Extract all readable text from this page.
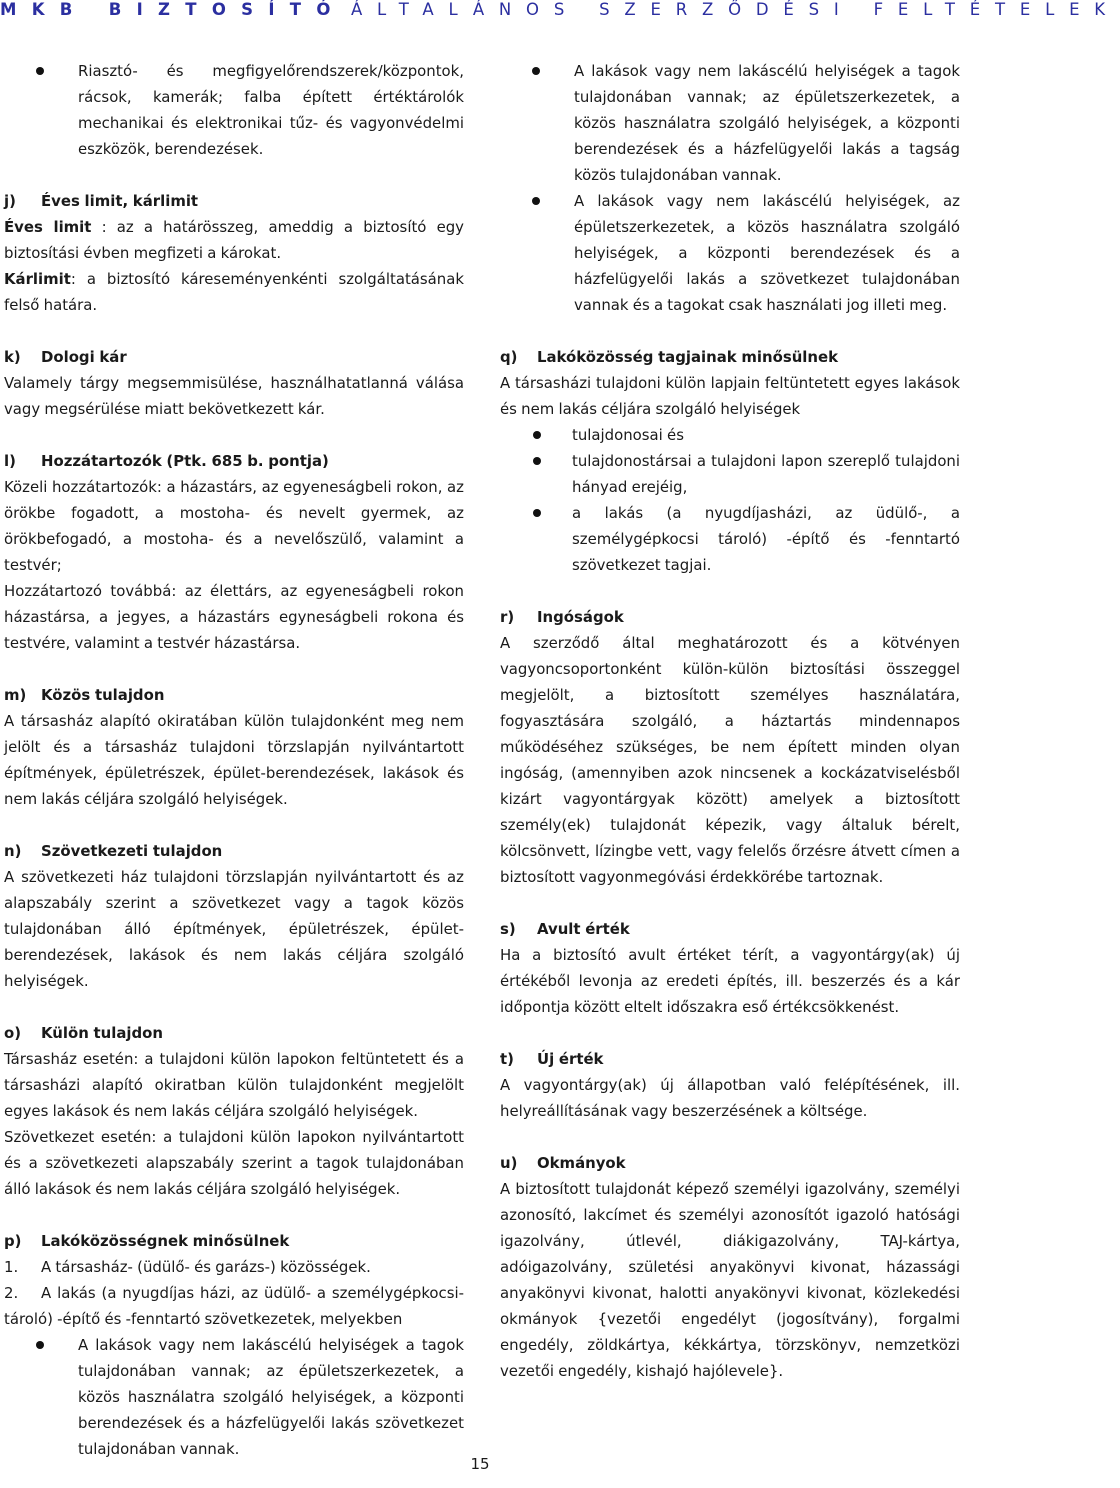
MKB BIZTOSÍTÓ ÁLTALÁNOS SZERZŐDÉSI FELTÉTELEK
Riasztó- és megfigyelőrendszerek/központok, rácsok, kamerák; falba épített értéktárolók mechanikai és elektronikai tűz- és vagyonvédelmi eszközök, berendezések.

j) Éves limit, kárlimit

Éves limit : az a határösszeg, ameddig a biztosító egy biztosítási évben megfizeti a károkat.

Kárlimit: a biztosító káreseményenkénti szolgáltatásának felső határa.

k) Dologi kár

Valamely tárgy megsemmisülése, használhatatlanná válása vagy megsérülése miatt bekövetkezett kár.

l) Hozzátartozók (Ptk. 685 b. pontja)

Közeli hozzátartozók: a házastárs, az egyeneságbeli rokon, az örökbe fogadott, a mostoha- és nevelt gyermek, az örökbefogadó, a mostoha- és a nevelőszülő, valamint a testvér;

Hozzátartozó továbbá: az élettárs, az egyeneságbeli rokon házastársa, a jegyes, a házastárs egyneságbeli rokona és testvére, valamint a testvér házastársa.

m) Közös tulajdon

A társasház alapító okiratában külön tulajdonként meg nem jelölt és a társasház tulajdoni törzslapján nyilvántartott építmények, épületrészek, épület-berendezések, lakások és nem lakás céljára szolgáló helyiségek.

n) Szövetkezeti tulajdon

A szövetkezeti ház tulajdoni törzslapján nyilvántartott és az alapszabály szerint a szövetkezet vagy a tagok közös tulajdonában álló építmények, épületrészek, épület-berendezések, lakások és nem lakás céljára szolgáló helyiségek.

o) Külön tulajdon

Társasház esetén: a tulajdoni külön lapokon feltüntetett és a társasházi alapító okiratban külön tulajdonként megjelölt egyes lakások és nem lakás céljára szolgáló helyiségek.

Szövetkezet esetén: a tulajdoni külön lapokon nyilvántartott és a szövetkezeti alapszabály szerint a tagok tulajdonában álló lakások és nem lakás céljára szolgáló helyiségek.

p) Lakóközösségnek minősülnek

1. A társasház- (üdülő- és garázs-) közösségek.

2. A lakás (a nyugdíjas házi, az üdülő- a személygépkocsi-tároló) -építő és -fenntartó szövetkezetek, melyekben

A lakások vagy nem lakáscélú helyiségek a tagok tulajdonában vannak; az épületszerkezetek, a közös használatra szolgáló helyiségek, a központi berendezések és a házfelügyelői lakás szövetkezet tulajdonában vannak.
A lakások vagy nem lakáscélú helyiségek a tagok tulajdonában vannak; az épületszerkezetek, a közös használatra szolgáló helyiségek, a központi berendezések és a házfelügyelői lakás a tagság közös tulajdonában vannak.
A lakások vagy nem lakáscélú helyiségek, az épületszerkezetek, a közös használatra szolgáló helyiségek, a központi berendezések és a házfelügyelői lakás a szövetkezet tulajdonában vannak és a tagokat csak használati jog illeti meg.

q) Lakóközösség tagjainak minősülnek

A társasházi tulajdoni külön lapjain feltüntetett egyes lakások és nem lakás céljára szolgáló helyiségek

tulajdonosai és
tulajdonostársai a tulajdoni lapon szereplő tulajdoni hányad erejéig,
a lakás (a nyugdíjasházi, az üdülő-, a személygépkocsi tároló) -építő és -fenntartó szövetkezet tagjai.

r) Ingóságok

A szerződő által meghatározott és a kötvényen vagyoncsoportonként külön-külön biztosítási összeggel megjelölt, a biztosított személyes használatára, fogyasztására szolgáló, a háztartás mindennapos működéséhez szükséges, be nem épített minden olyan ingóság, (amennyiben azok nincsenek a kockázatviselésből kizárt vagyontárgyak között) amelyek a biztosított személy(ek) tulajdonát képezik, vagy általuk bérelt, kölcsönvett, lízingbe vett, vagy felelős őrzésre átvett címen a biztosított vagyonmegóvási érdekkörébe tartoznak.

s) Avult érték

Ha a biztosító avult értéket térít, a vagyontárgy(ak) új értékéből levonja az eredeti építés, ill. beszerzés és a kár időpontja között eltelt időszakra eső értékcsökkenést.

t) Új érték

A vagyontárgy(ak) új állapotban való felépítésének, ill. helyreállításának vagy beszerzésének a költsége.

u) Okmányok

A biztosított tulajdonát képező személyi igazolvány, személyi azonosító, lakcímet és személyi azonosítót igazoló hatósági igazolvány, útlevél, diákigazolvány, TAJ-kártya, adóigazolvány, születési anyakönyvi kivonat, házassági anyakönyvi kivonat, halotti anyakönyvi kivonat, közlekedési okmányok {vezetői engedélyt (jogosítvány), forgalmi engedély, zöldkártya, kékkártya, törzskönyv, nemzetközi vezetői engedély, kishajó hajólevele}.

15
